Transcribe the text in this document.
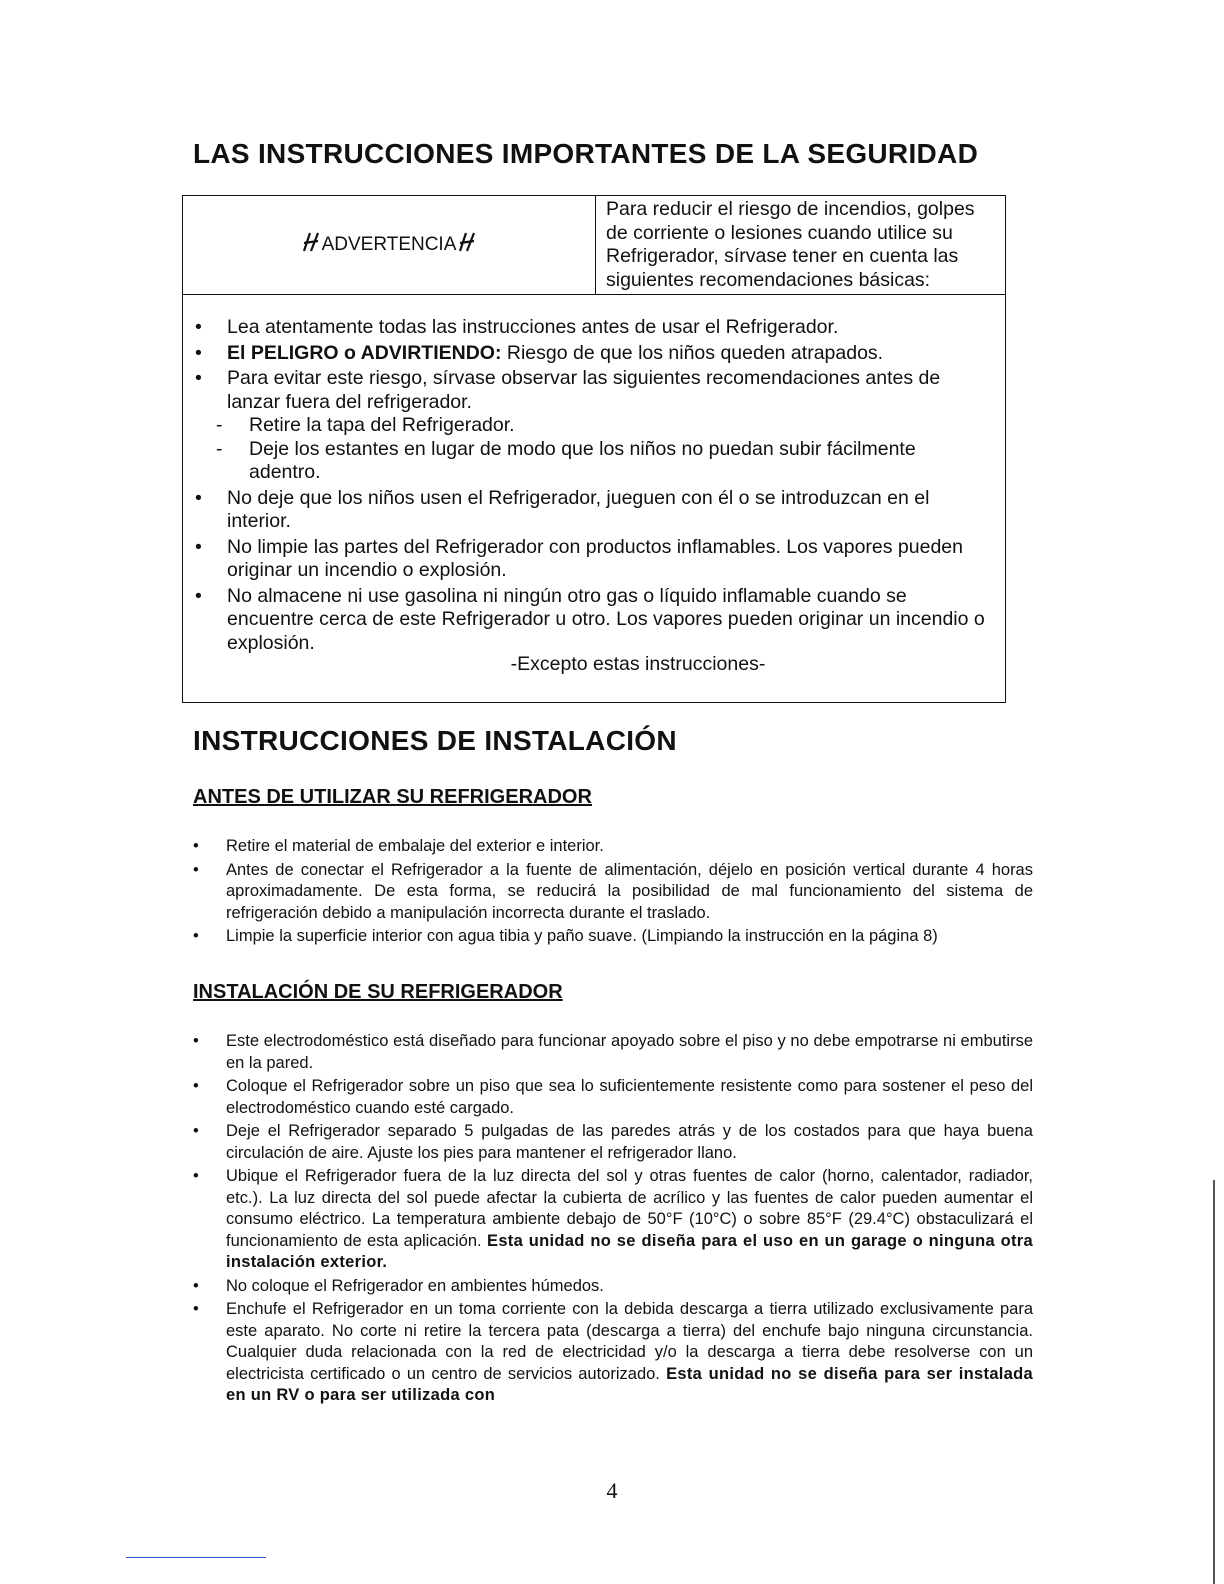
LAS INSTRUCCIONES IMPORTANTES DE LA SEGURIDAD
ADVERTENCIA
Para reducir el riesgo de incendios, golpes de corriente o lesiones cuando utilice su Refrigerador, sírvase tener en cuenta las siguientes recomendaciones básicas:
• Lea atentamente todas las instrucciones antes de usar el Refrigerador.
• El PELIGRO o ADVIRTIENDO: Riesgo de que los niños queden atrapados.
• Para evitar este riesgo, sírvase observar las siguientes recomendaciones antes de lanzar fuera del refrigerador.
- Retire la tapa del Refrigerador.
- Deje los estantes en lugar de modo que los niños no puedan subir fácilmente adentro.
• No deje que los niños usen el Refrigerador, jueguen con él o se introduzcan en el interior.
• No limpie las partes del Refrigerador con productos inflamables. Los vapores pueden originar un incendio o explosión.
• No almacene ni use gasolina ni ningún otro gas o líquido inflamable cuando se encuentre cerca de este Refrigerador u otro. Los vapores pueden originar un incendio o explosión.
-Excepto estas instrucciones-
INSTRUCCIONES DE INSTALACIÓN
ANTES DE UTILIZAR SU REFRIGERADOR
• Retire el material de embalaje del exterior e interior.
• Antes de conectar el Refrigerador a la fuente de alimentación, déjelo en posición vertical durante 4 horas aproximadamente. De esta forma, se reducirá la posibilidad de mal funcionamiento del sistema de refrigeración debido a manipulación incorrecta durante el traslado.
• Limpie la superficie interior con agua tibia y paño suave. (Limpiando la instrucción en la página 8)
INSTALACIÓN DE SU REFRIGERADOR
• Este electrodoméstico está diseñado para funcionar apoyado sobre el piso y no debe empotrarse ni embutirse en la pared.
• Coloque el Refrigerador sobre un piso que sea lo suficientemente resistente como para sostener el peso del electrodoméstico cuando esté cargado.
• Deje el Refrigerador separado 5 pulgadas de las paredes atrás y de los costados para que haya buena circulación de aire. Ajuste los pies para mantener el refrigerador llano.
• Ubique el Refrigerador fuera de la luz directa del sol y otras fuentes de calor (horno, calentador, radiador, etc.). La luz directa del sol puede afectar la cubierta de acrílico y las fuentes de calor pueden aumentar el consumo eléctrico. La temperatura ambiente debajo de 50°F (10°C) o sobre 85°F (29.4°C) obstaculizará el funcionamiento de esta aplicación. Esta unidad no se diseña para el uso en un garage o ninguna otra instalación exterior.
• No coloque el Refrigerador en ambientes húmedos.
• Enchufe el Refrigerador en un toma corriente con la debida descarga a tierra utilizado exclusivamente para este aparato. No corte ni retire la tercera pata (descarga a tierra) del enchufe bajo ninguna circunstancia. Cualquier duda relacionada con la red de electricidad y/o la descarga a tierra debe resolverse con un electricista certificado o un centro de servicios autorizado. Esta unidad no se diseña para ser instalada en un RV o para ser utilizada con
4
